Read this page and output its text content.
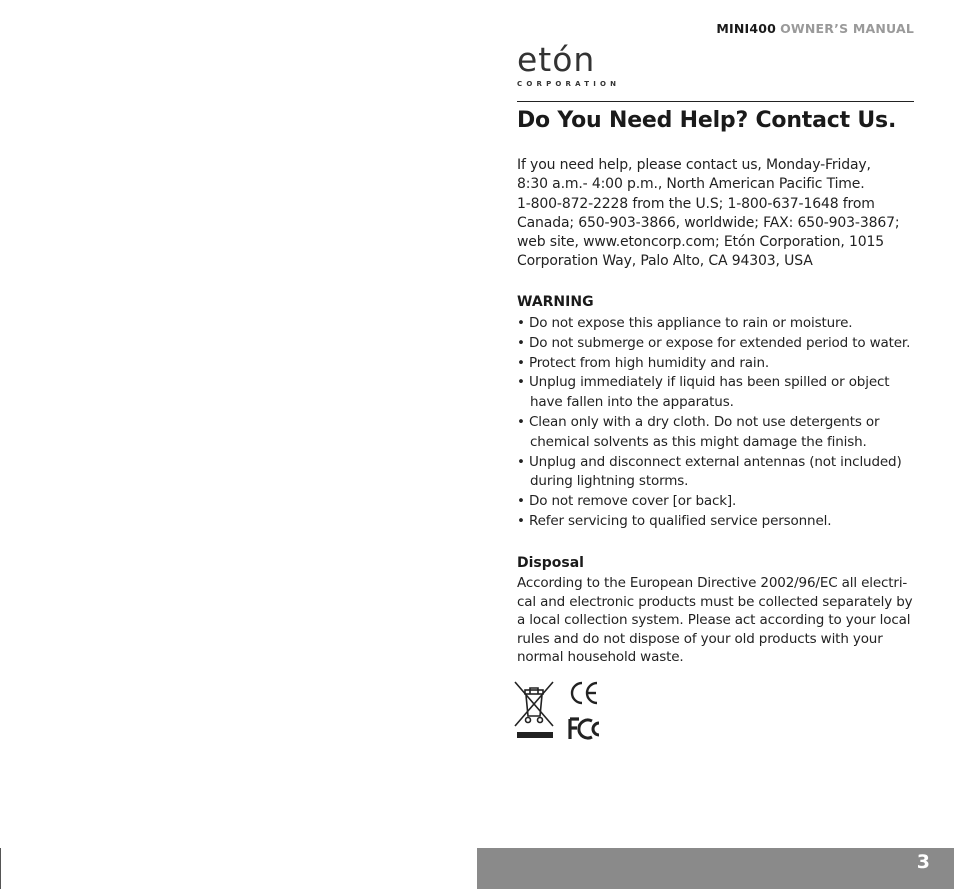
MINI400 OWNER’S MANUAL
etón
CORPORATION
Do You Need Help? Contact Us.
If you need help, please contact us, Monday-Friday,
8:30 a.m.- 4:00 p.m., North American Pacific Time.
1-800-872-2228 from the U.S; 1-800-637-1648 from
Canada; 650-903-3866, worldwide; FAX: 650-903-3867;
web site, www.etoncorp.com; Etón Corporation, 1015
Corporation Way, Palo Alto, CA 94303, USA
WARNING
• Do not expose this appliance to rain or moisture.
• Do not submerge or expose for extended period to water.
• Protect from high humidity and rain.
• Unplug immediately if liquid has been spilled or object
have fallen into the apparatus.
• Clean only with a dry cloth. Do not use detergents or
chemical solvents as this might damage the finish.
• Unplug and disconnect external antennas (not included)
during lightning storms.
• Do not remove cover [or back].
• Refer servicing to qualified service personnel.
Disposal
According to the European Directive 2002/96/EC all electri-
cal and electronic products must be collected separately by
a local collection system. Please act according to your local
rules and do not dispose of your old products with your
normal household waste.
3
